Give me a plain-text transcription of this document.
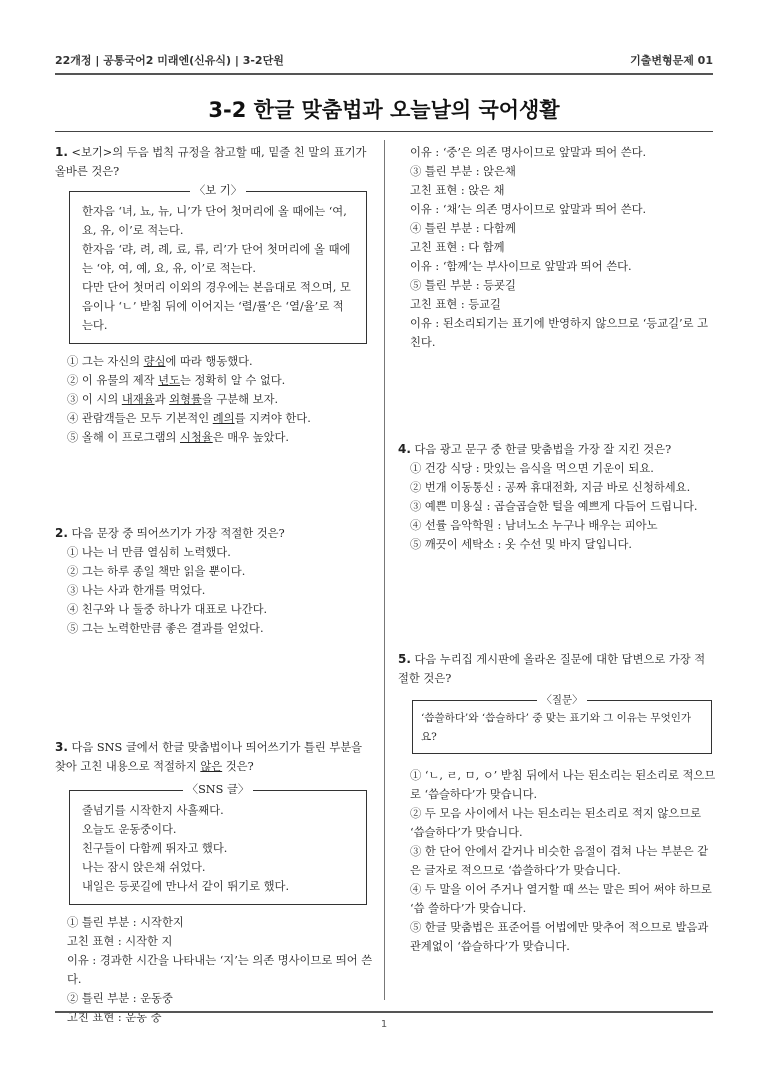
22개정 | 공통국어2 미래엔(신유식) | 3-2단원	기출변형문제 01
3-2 한글 맞춤법과 오늘날의 국어생활

1. <보기>의 두음 법칙 규정을 참고할 때, 밑줄 친 말의 표기가 올바른 것은?

〈보 기〉

한자음 ‘녀, 뇨, 뉴, 니’가 단어 첫머리에 올 때에는 ‘여, 요, 유, 이’로 적는다.

한자음 ‘랴, 려, 례, 료, 류, 리’가 단어 첫머리에 올 때에는 ‘야, 여, 예, 요, 유, 이’로 적는다.

다만 단어 첫머리 이외의 경우에는 본음대로 적으며, 모음이나 ‘ㄴ’ 받침 뒤에 이어지는 ‘렬/률’은 ‘열/율’로 적는다.

① 그는 자신의 량심에 따라 행동했다.

② 이 유물의 제작 년도는 정확히 알 수 없다.

③ 이 시의 내재율과 외형률을 구분해 보자.

④ 관람객들은 모두 기본적인 례의를 지켜야 한다.

⑤ 올해 이 프로그램의 시청율은 매우 높았다.

2. 다음 문장 중 띄어쓰기가 가장 적절한 것은?

① 나는 너 만큼 열심히 노력했다.

② 그는 하루 종일 책만 읽을 뿐이다.

③ 나는 사과 한개를 먹었다.

④ 친구와 나 둘중 하나가 대표로 나간다.

⑤ 그는 노력한만큼 좋은 결과를 얻었다.

3. 다음 SNS 글에서 한글 맞춤법이나 띄어쓰기가 틀린 부분을 찾아 고친 내용으로 적절하지 않은 것은?

〈SNS 글〉

줄넘기를 시작한지 사흘째다.

오늘도 운동중이다.

친구들이 다함께 뛰자고 했다.

나는 잠시 앉은채 쉬었다.

내일은 등굣길에 만나서 같이 뛰기로 했다.

① 틀린 부분 : 시작한지

고친 표현 : 시작한 지

이유 : 경과한 시간을 나타내는 ‘지’는 의존 명사이므로 띄어 쓴다.

② 틀린 부분 : 운동중

고친 표현 : 운동 중

이유 : ‘중’은 의존 명사이므로 앞말과 띄어 쓴다.

③ 틀린 부분 : 앉은채

고친 표현 : 앉은 채

이유 : ‘채’는 의존 명사이므로 앞말과 띄어 쓴다.

④ 틀린 부분 : 다함께

고친 표현 : 다 함께

이유 : ‘함께’는 부사이므로 앞말과 띄어 쓴다.

⑤ 틀린 부분 : 등굣길

고친 표현 : 등교길

이유 : 된소리되기는 표기에 반영하지 않으므로 ‘등교길’로 고친다.

4. 다음 광고 문구 중 한글 맞춤법을 가장 잘 지킨 것은?

① 건강 식당 : 맛있는 음식을 먹으면 기운이 되요.

② 번개 이동통신 : 공짜 휴대전화, 지금 바로 신청하세요.

③ 예쁜 미용실 : 곱슬곱슬한 털을 예쁘게 다듬어 드립니다.

④ 선률 음악학원 : 남녀노소 누구나 배우는 피아노

⑤ 깨끗이 세탁소 : 옷 수선 및 바지 달입니다.

5. 다음 누리집 게시판에 올라온 질문에 대한 답변으로 가장 적절한 것은?

〈질문〉

‘씁쓸하다’와 ‘씁슬하다’ 중 맞는 표기와 그 이유는 무엇인가요?

① ‘ㄴ, ㄹ, ㅁ, ㅇ’ 받침 뒤에서 나는 된소리는 된소리로 적으므로 ‘씁슬하다’가 맞습니다.

② 두 모음 사이에서 나는 된소리는 된소리로 적지 않으므로 ‘씁슬하다’가 맞습니다.

③ 한 단어 안에서 같거나 비슷한 음절이 겹쳐 나는 부분은 같은 글자로 적으므로 ‘씁쓸하다’가 맞습니다.

④ 두 말을 이어 주거나 열거할 때 쓰는 말은 띄어 써야 하므로 ‘씁 쓸하다’가 맞습니다.

⑤ 한글 맞춤법은 표준어를 어법에만 맞추어 적으므로 발음과 관계없이 ‘씁슬하다’가 맞습니다.

1
